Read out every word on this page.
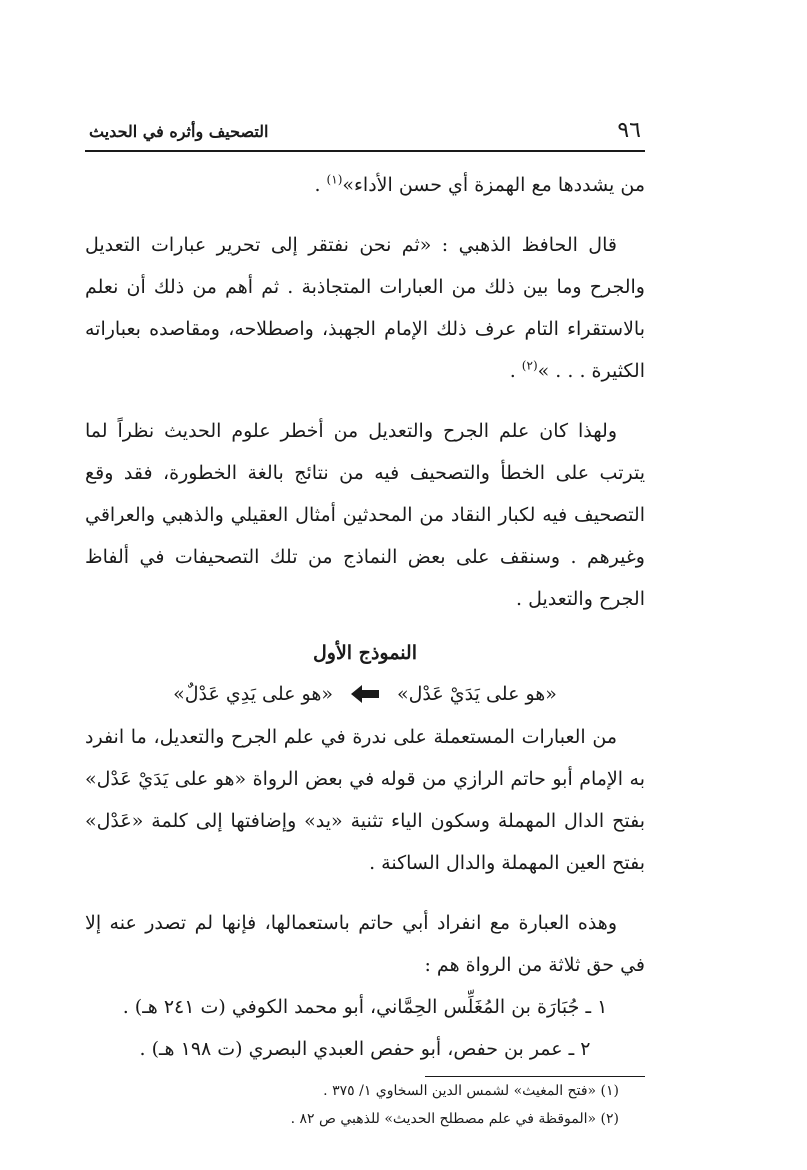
٩٦
التصحيف وأثره في الحديث

من يشددها مع الهمزة أي حسن الأداء»$^{(١)}$ .

قال الحافظ الذهبي : «ثم نحن نفتقر إلى تحرير عبارات التعديل والجرح وما بين ذلك من العبارات المتجاذبة . ثم أهم من ذلك أن نعلم بالاستقراء التام عرف ذلك الإمام الجهبذ، واصطلاحه، ومقاصده بعباراته الكثيرة . . . »$^{(٢)}$ .

ولهذا كان علم الجرح والتعديل من أخطر علوم الحديث نظراً لما يترتب على الخطأ والتصحيف فيه من نتائج بالغة الخطورة، فقد وقع التصحيف فيه لكبار النقاد من المحدثين أمثال العقيلي والذهبي والعراقي وغيرهم . وسنقف على بعض النماذج من تلك التصحيفات في ألفاظ الجرح والتعديل .

النموذج الأول
«هو على يَدَيْ عَدْل»
«هو على يَدِي عَدْلٌ»

من العبارات المستعملة على ندرة في علم الجرح والتعديل، ما انفرد به الإمام أبو حاتم الرازي من قوله في بعض الرواة «هو على يَدَيْ عَدْل» بفتح الدال المهملة وسكون الياء تثنية «يد» وإضافتها إلى كلمة «عَدْل» بفتح العين المهملة والدال الساكنة .

وهذه العبارة مع انفراد أبي حاتم باستعمالها، فإنها لم تصدر عنه إلا في حق ثلاثة من الرواة هم :

١ ـ جُبَارَة بن المُغَلِّس الحِمَّاني، أبو محمد الكوفي (ت ٢٤١ هـ) .

٢ ـ عمر بن حفص، أبو حفص العبدي البصري (ت ١٩٨ هـ) .

(١) «فتح المغيث» لشمس الدين السخاوي ١/ ٣٧٥ .

(٢) «الموقظة في علم مصطلح الحديث» للذهبي ص ٨٢ .
